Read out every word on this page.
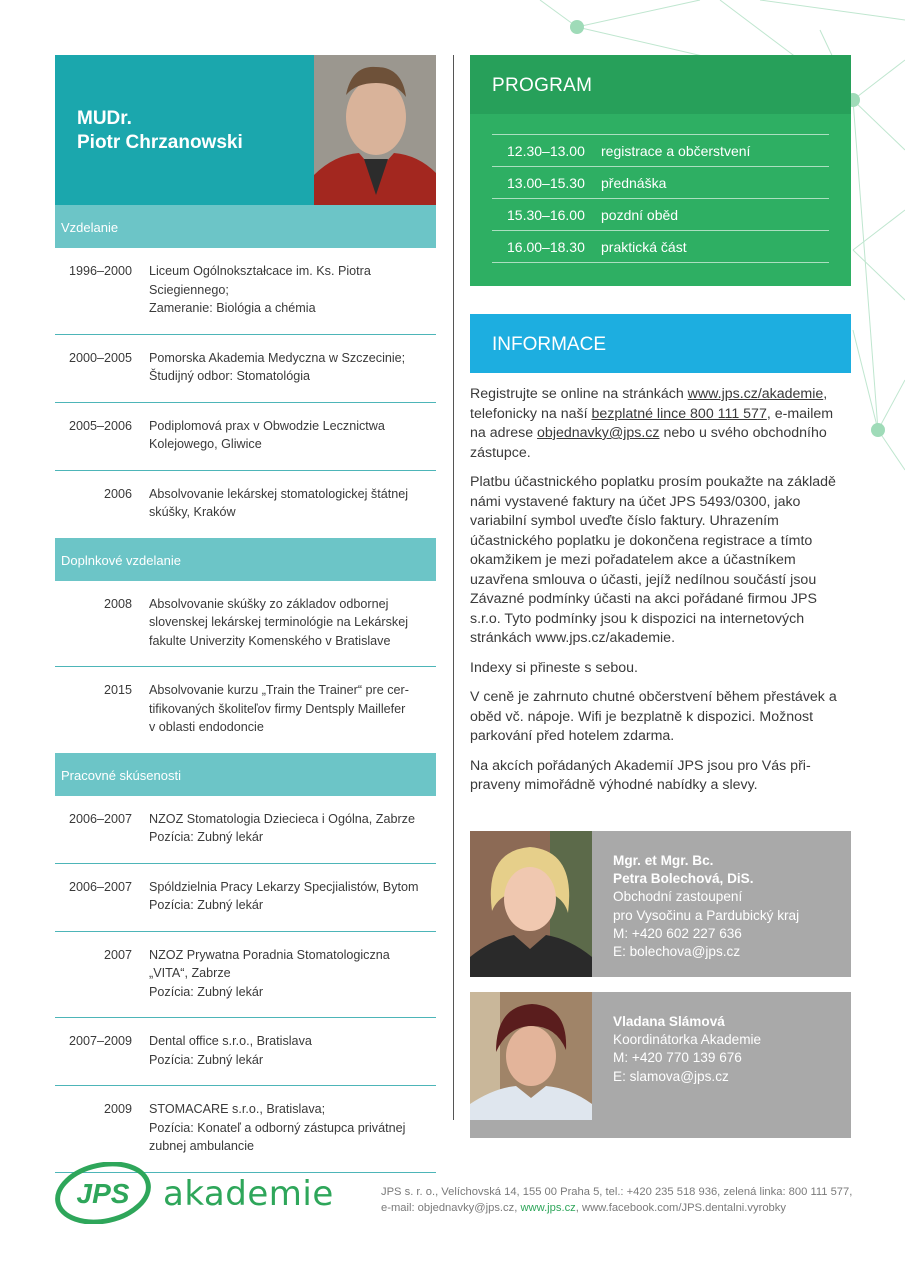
MUDr.
Piotr Chrzanowski
Vzdelanie
1996–2000 Liceum Ogólnokształcace im. Ks. Piotra
Sciegiennego;
Zameranie: Biológia a chémia
2000–2005 Pomorska Akademia Medyczna w Szczecinie;
Študijný odbor: Stomatológia
2005–2006 Podiplomová prax v Obwodzie Lecznictwa
Kolejowego, Gliwice
2006 Absolvovanie lekárskej stomatologickej štátnej
skúšky, Kraków
Doplnkové vzdelanie
2008 Absolvovanie skúšky zo základov odbornej
slovenskej lekárskej terminológie na Lekárskej
fakulte Univerzity Komenského v Bratislave
2015 Absolvovanie kurzu „Train the Trainer“ pre cer-
tifikovaných školiteľov firmy Dentsply Maillefer
v oblasti endodoncie
Pracovné skúsenosti
2006–2007 NZOZ Stomatologia Dziecieca i Ogólna, Zabrze
Pozícia: Zubný lekár
2006–2007 Spóldzielnia Pracy Lekarzy Specjialistów, Bytom
Pozícia: Zubný lekár
2007 NZOZ Prywatna Poradnia Stomatologiczna
„VITA“, Zabrze
Pozícia: Zubný lekár
2007–2009 Dental office s.r.o., Bratislava
Pozícia: Zubný lekár
2009 STOMACARE s.r.o., Bratislava;
Pozícia: Konateľ a odborný zástupca privátnej
zubnej ambulancie
PROGRAM
12.30–13.00	registrace a občerstvení
13.00–15.30	přednáška
15.30–16.00	pozdní oběd
16.00–18.30	praktická část
INFORMACE

Registrujte se online na stránkách www.jps.cz/akademie, telefonicky na naší bezplatné lince 800 111 577, e-mailem na adrese objednavky@jps.cz nebo u svého obchodního zástupce.

Platbu účastnického poplatku prosím poukažte na základě námi vystavené faktury na účet JPS 5493/0300, jako variabilní symbol uveďte číslo faktury. Uhrazením účastnického poplatku je dokončena registrace a tímto okamžikem je mezi pořadatelem akce a účastníkem uzavřena smlouva o účasti, jejíž nedílnou součástí jsou Závazné podmínky účasti na akci pořádané firmou JPS s.r.o. Tyto podmínky jsou k dispozici na internetových stránkách www.jps.cz/akademie.

Indexy si přineste s sebou.

V ceně je zahrnuto chutné občerstvení během přestávek a oběd vč. nápoje. Wifi je bezplatně k dispozici. Možnost parkování před hotelem zdarma.

Na akcích pořádaných Akademií JPS jsou pro Vás připraveny mimořádně výhodné nabídky a slevy.

Mgr. et Mgr. Bc.
Petra Bolechová, DiS.
Obchodní zastoupení
pro Vysočinu a Pardubický kraj
M: +420 602 227 636
E: bolechova@jps.cz
Vladana Slámová
Koordinátorka Akademie
M: +420 770 139 676
E: slamova@jps.cz
JPS akademie	JPS s. r. o., Velíchovská 14, 155 00 Praha 5, tel.: +420 235 518 936, zelená linka: 800 111 577,
e-mail: objednavky@jps.cz, www.jps.cz, www.facebook.com/JPS.dentalni.vyrobky
